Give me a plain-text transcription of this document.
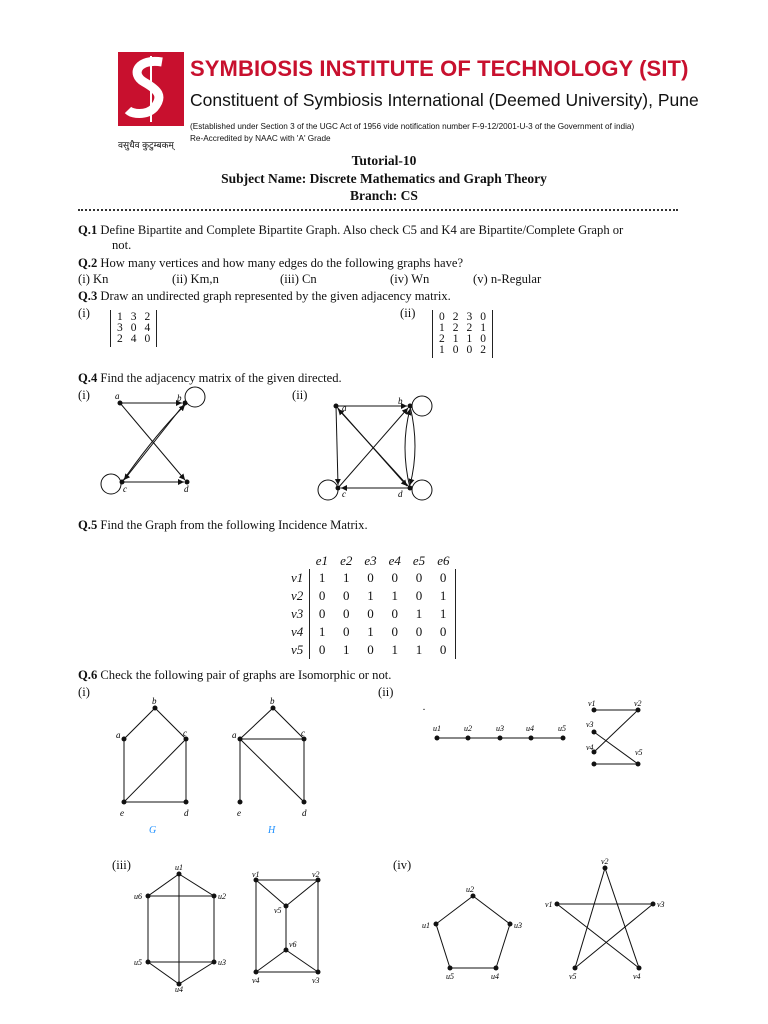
वसुधैव कुटुम्बकम्
SYMBIOSIS INSTITUTE OF TECHNOLOGY (SIT)
Constituent of Symbiosis International (Deemed University), Pune
(Established under Section 3 of the UGC Act of 1956 vide notification number F-9-12/2001-U-3 of the Government of india)
Re-Accredited by NAAC with 'A' Grade
Tutorial-10
Subject Name: Discrete Mathematics and Graph Theory
Branch: CS
Q.1 Define Bipartite and Complete Bipartite Graph. Also check C5 and K4 are Bipartite/Complete Graph or
not.
Q.2 How many vertices and how many edges do the following graphs have?
(i) Kn	(ii) Km,n	(iii) Cn	(iv) Wn	(v) n-Regular
Q.3 Draw an undirected graph represented by the given adjacency matrix.
(i)	(ii)
1	3	2
3	0	4
2	4	0
0	2	3	0
1	2	2	1
2	1	1	0
1	0	0	2
Q.4 Find the adjacency matrix of the given directed.
(i)	(ii)
a	b
c	d
a
b
c	d
Q.5 Find the Graph from the following Incidence Matrix.
	e1	e2	e3	e4	e5	e6
v1	1	1	0	0	0	0
v2	0	0	1	1	0	1
v3	0	0	0	0	1	1
v4	1	0	1	0	0	0
v5	0	1	0	1	1	0
Q.6 Check the following pair of graphs are Isomorphic or not.
(i)	(ii)
b
a	c
e	d
G
b
a	c
e	d
H
u1	u2	u3	u4	u5
.	v1	v2
v3
v4
v5
(iii)	u1
u2
u3
u4
u5
u6
v1	v2
v5
v6
v4	v3
(iv)
u2
u3
u4
u5
u1
v2
v3
v4
v5
v1
